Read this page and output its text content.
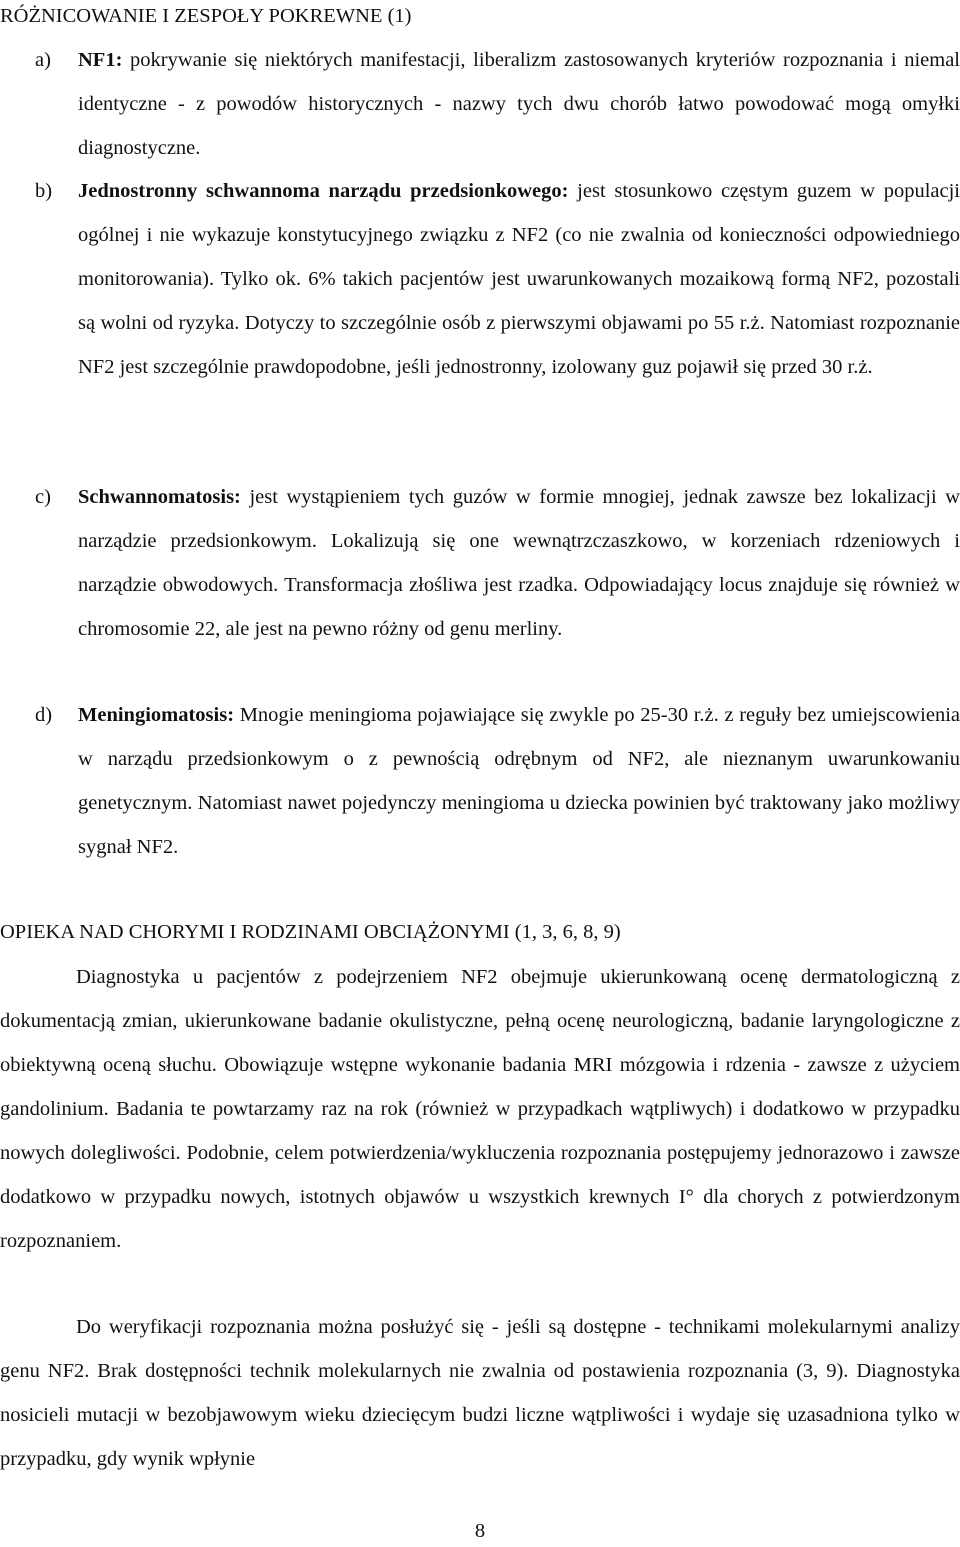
RÓŻNICOWANIE I ZESPOŁY POKREWNE (1)
a) NF1: pokrywanie się niektórych manifestacji, liberalizm zastosowanych kryteriów rozpoznania i niemal identyczne - z powodów historycznych - nazwy tych dwu chorób łatwo powodować mogą omyłki diagnostyczne.
b) Jednostronny schwannoma narządu przedsionkowego: jest stosunkowo częstym guzem w populacji ogólnej i nie wykazuje konstytucyjnego związku z NF2 (co nie zwalnia od konieczności odpowiedniego monitorowania). Tylko ok. 6% takich pacjentów jest uwarunkowanych mozaikową formą NF2, pozostali są wolni od ryzyka. Dotyczy to szczególnie osób z pierwszymi objawami po 55 r.ż. Natomiast rozpoznanie NF2 jest szczególnie prawdopodobne, jeśli jednostronny, izolowany guz pojawił się przed 30 r.ż.
c) Schwannomatosis: jest wystąpieniem tych guzów w formie mnogiej, jednak zawsze bez lokalizacji w narządzie przedsionkowym. Lokalizują się one wewnątrzczaszkowo, w korzeniach rdzeniowych i narządzie obwodowych. Transformacja złośliwa jest rzadka. Odpowiadający locus znajduje się również w chromosomie 22, ale jest na pewno różny od genu merliny.
d) Meningiomatosis: Mnogie meningioma pojawiające się zwykle po 25-30 r.ż. z reguły bez umiejscowienia w narządu przedsionkowym o z pewnością odrębnym od NF2, ale nieznanym uwarunkowaniu genetycznym. Natomiast nawet pojedynczy meningioma u dziecka powinien być traktowany jako możliwy sygnał NF2.
OPIEKA NAD CHORYMI I RODZINAMI OBCIĄŻONYMI (1, 3, 6, 8, 9)

Diagnostyka u pacjentów z podejrzeniem NF2 obejmuje ukierunkowaną ocenę dermatologiczną z dokumentacją zmian, ukierunkowane badanie okulistyczne, pełną ocenę neurologiczną, badanie laryngologiczne z obiektywną oceną słuchu. Obowiązuje wstępne wykonanie badania MRI mózgowia i rdzenia - zawsze z użyciem gandolinium. Badania te powtarzamy raz na rok (również w przypadkach wątpliwych) i dodatkowo w przypadku nowych dolegliwości. Podobnie, celem potwierdzenia/wykluczenia rozpoznania postępujemy jednorazowo i zawsze dodatkowo w przypadku nowych, istotnych objawów u wszystkich krewnych I° dla chorych z potwierdzonym rozpoznaniem.

Do weryfikacji rozpoznania można posłużyć się - jeśli są dostępne - technikami molekularnymi analizy genu NF2. Brak dostępności technik molekularnych nie zwalnia od postawienia rozpoznania (3, 9). Diagnostyka nosicieli mutacji w bezobjawowym wieku dziecięcym budzi liczne wątpliwości i wydaje się uzasadniona tylko w przypadku, gdy wynik wpłynie

8
